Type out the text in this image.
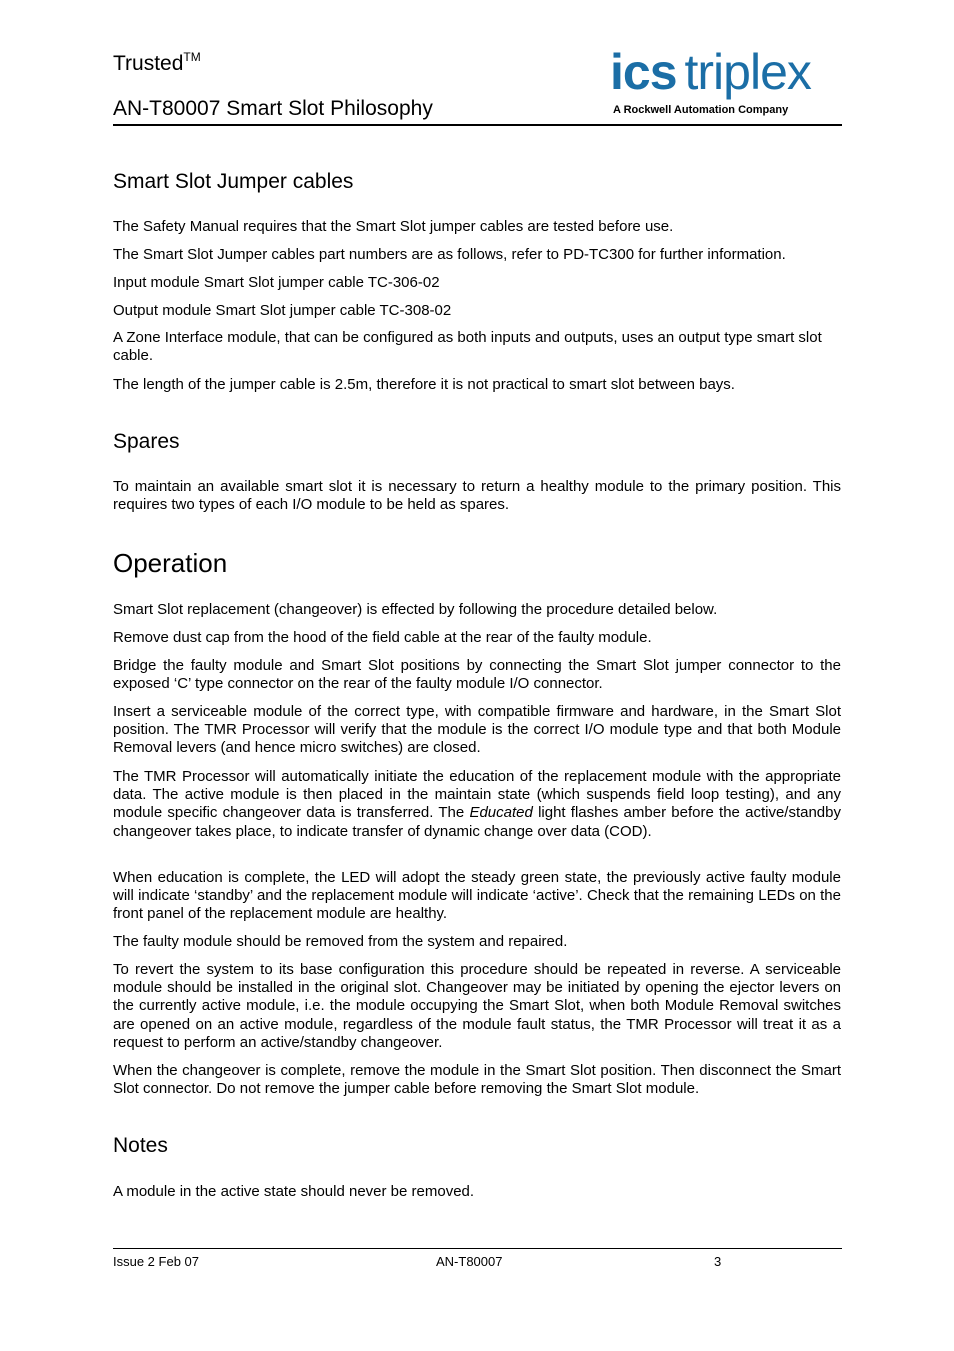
Trusted™
AN-T80007 Smart Slot Philosophy
ics triplex
A Rockwell Automation Company
Smart Slot Jumper cables

The Safety Manual requires that the Smart Slot jumper cables are tested before use.

The Smart Slot Jumper cables part numbers are as follows, refer to PD-TC300 for further information.

Input module Smart Slot jumper cable TC-306-02

Output module Smart Slot jumper cable TC-308-02

A Zone Interface module, that can be configured as both inputs and outputs, uses an output type smart slot cable.

The length of the jumper cable is 2.5m, therefore it is not practical to smart slot between bays.

Spares

To maintain an available smart slot it is necessary to return a healthy module to the primary position. This requires two types of each I/O module to be held as spares.

Operation

Smart Slot replacement (changeover) is effected by following the procedure detailed below.

Remove dust cap from the hood of the field cable at the rear of the faulty module.

Bridge the faulty module and Smart Slot positions by connecting the Smart Slot jumper connector to the exposed ‘C’ type connector on the rear of the faulty module I/O connector.

Insert a serviceable module of the correct type, with compatible firmware and hardware, in the Smart Slot position. The TMR Processor will verify that the module is the correct I/O module type and that both Module Removal levers (and hence micro switches) are closed.

The TMR Processor will automatically initiate the education of the replacement module with the appropriate data. The active module is then placed in the maintain state (which suspends field loop testing), and any module specific changeover data is transferred. The Educated light flashes amber before the active/standby changeover takes place, to indicate transfer of dynamic change over data (COD).

When education is complete, the LED will adopt the steady green state, the previously active faulty module will indicate ‘standby’ and the replacement module will indicate ‘active’. Check that the remaining LEDs on the front panel of the replacement module are healthy.

The faulty module should be removed from the system and repaired.

To revert the system to its base configuration this procedure should be repeated in reverse. A serviceable module should be installed in the original slot. Changeover may be initiated by opening the ejector levers on the currently active module, i.e. the module occupying the Smart Slot, when both Module Removal switches are opened on an active module, regardless of the module fault status, the TMR Processor will treat it as a request to perform an active/standby changeover.

When the changeover is complete, remove the module in the Smart Slot position. Then disconnect the Smart Slot connector. Do not remove the jumper cable before removing the Smart Slot module.

Notes

A module in the active state should never be removed.

Issue 2 Feb 07	AN-T80007	3
